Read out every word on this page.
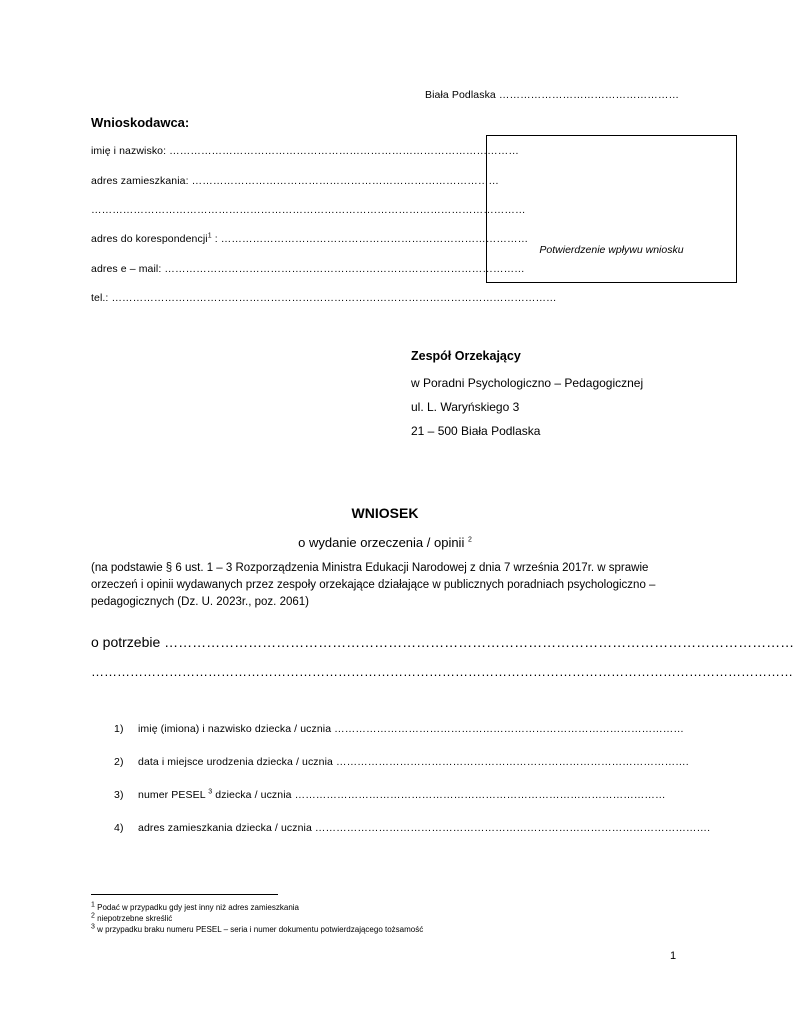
Biała Podlaska ……………………………………………
Wnioskodawca:
imię i nazwisko: ………………………………………………………………………………………
adres zamieszkania: ……………………………………………………………………………
……………………………………………………………………………………………………………
adres do korespondencji$^1$ : ……………………………………………………………………………
adres e – mail: …………………………………………………………………………………………
tel.: ………………………………………………………………………………………………………………
Potwierdzenie wpływu wniosku
Zespół Orzekający
w Poradni Psychologiczno – Pedagogicznej
ul. L. Waryńskiego 3
21 – 500 Biała Podlaska
WNIOSEK
o wydanie orzeczenia / opinii $^2$
(na podstawie § 6 ust. 1 – 3 Rozporządzenia Ministra Edukacji Narodowej z dnia 7 września 2017r. w sprawie orzeczeń i opinii wydawanych przez zespoły orzekające działające w publicznych poradniach psychologiczno – pedagogicznych (Dz. U. 2023r., poz. 2061)
o potrzebie ………………………………………………………………………………………………………………………
………………………………………………………………………………………………………………………………………………
1) imię (imiona) i nazwisko dziecka / ucznia ………………………………………………………………………………………
2) data i miejsce urodzenia dziecka / ucznia ……………………………………………………………………………………….
3) numer PESEL $^3$ dziecka / ucznia ……………………………………………………………………………………………
4) adres zamieszkania dziecka / ucznia ………………………………………………………………………………………………….
$^1$ Podać w przypadku gdy jest inny niż adres zamieszkania
$^2$ niepotrzebne skreślić
$^3$ w przypadku braku numeru PESEL – seria i numer dokumentu potwierdzającego tożsamość
1
